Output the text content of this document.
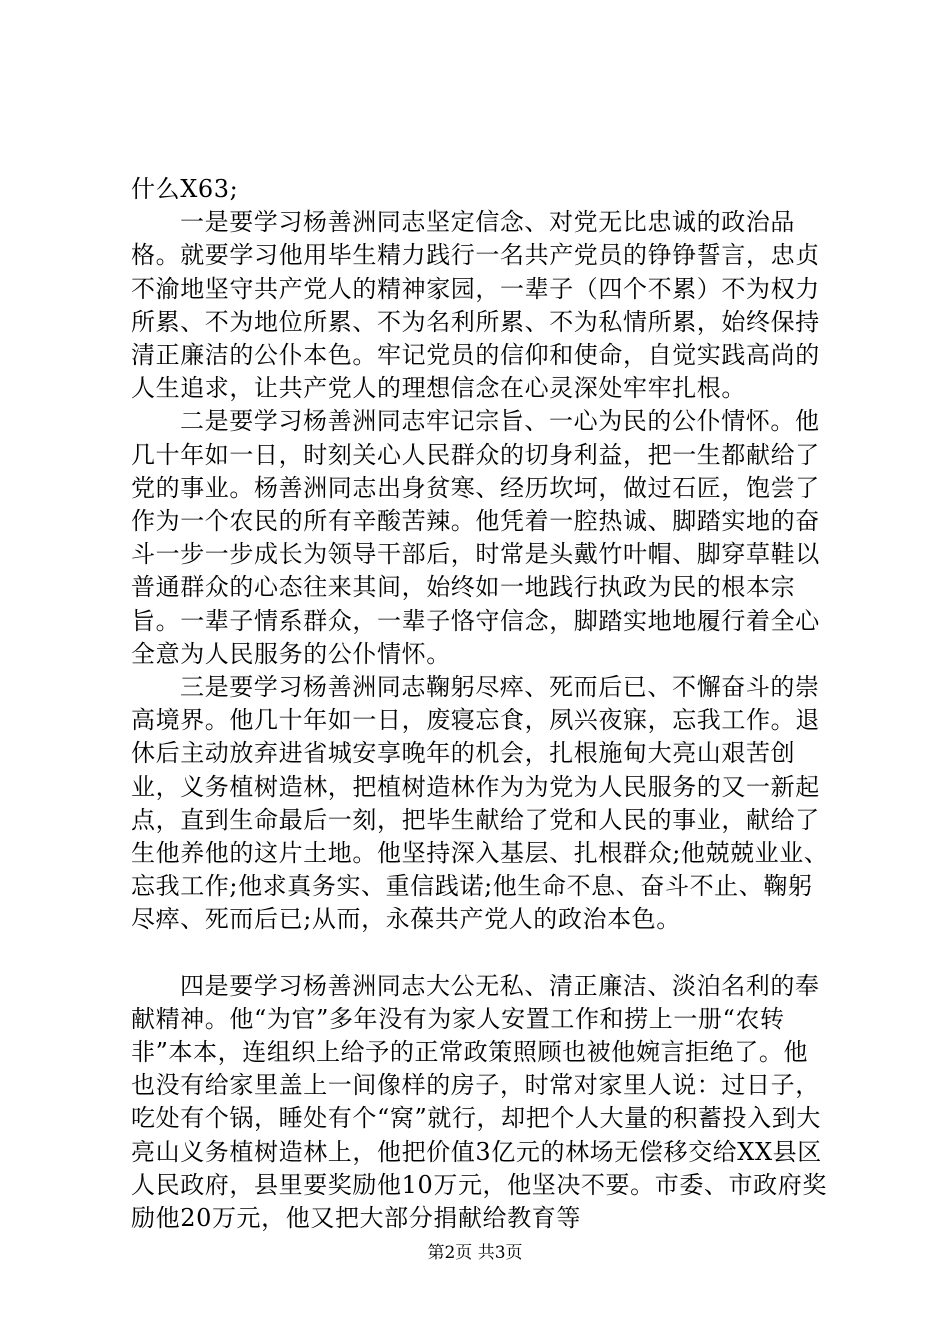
什么X63;

一是要学习杨善洲同志坚定信念、对党无比忠诚的政治品格。就要学习他用毕生精力践行一名共产党员的铮铮誓言，忠贞不渝地坚守共产党人的精神家园，一辈子（四个不累）不为权力所累、不为地位所累、不为名利所累、不为私情所累，始终保持清正廉洁的公仆本色。牢记党员的信仰和使命，自觉实践高尚的人生追求，让共产党人的理想信念在心灵深处牢牢扎根。

二是要学习杨善洲同志牢记宗旨、一心为民的公仆情怀。他几十年如一日，时刻关心人民群众的切身利益，把一生都献给了党的事业。杨善洲同志出身贫寒、经历坎坷，做过石匠，饱尝了作为一个农民的所有辛酸苦辣。他凭着一腔热诚、脚踏实地的奋斗一步一步成长为领导干部后，时常是头戴竹叶帽、脚穿草鞋以普通群众的心态往来其间，始终如一地践行执政为民的根本宗旨。一辈子情系群众，一辈子恪守信念，脚踏实地地履行着全心全意为人民服务的公仆情怀。

三是要学习杨善洲同志鞠躬尽瘁、死而后已、不懈奋斗的崇高境界。他几十年如一日，废寝忘食，夙兴夜寐，忘我工作。退休后主动放弃进省城安享晚年的机会，扎根施甸大亮山艰苦创业，义务植树造林，把植树造林作为为党为人民服务的又一新起点，直到生命最后一刻，把毕生献给了党和人民的事业，献给了生他养他的这片土地。他坚持深入基层、扎根群众;他兢兢业业、忘我工作;他求真务实、重信践诺;他生命不息、奋斗不止、鞠躬尽瘁、死而后已;从而，永葆共产党人的政治本色。

四是要学习杨善洲同志大公无私、清正廉洁、淡泊名利的奉献精神。他“为官”多年没有为家人安置工作和捞上一册“农转非”本本，连组织上给予的正常政策照顾也被他婉言拒绝了。他也没有给家里盖上一间像样的房子，时常对家里人说：过日子，吃处有个锅，睡处有个“窝”就行，却把个人大量的积蓄投入到大亮山义务植树造林上，他把价值3亿元的林场无偿移交给XX县区人民政府，县里要奖励他10万元，他坚决不要。市委、市政府奖励他20万元，他又把大部分捐献给教育等

第2页 共3页
